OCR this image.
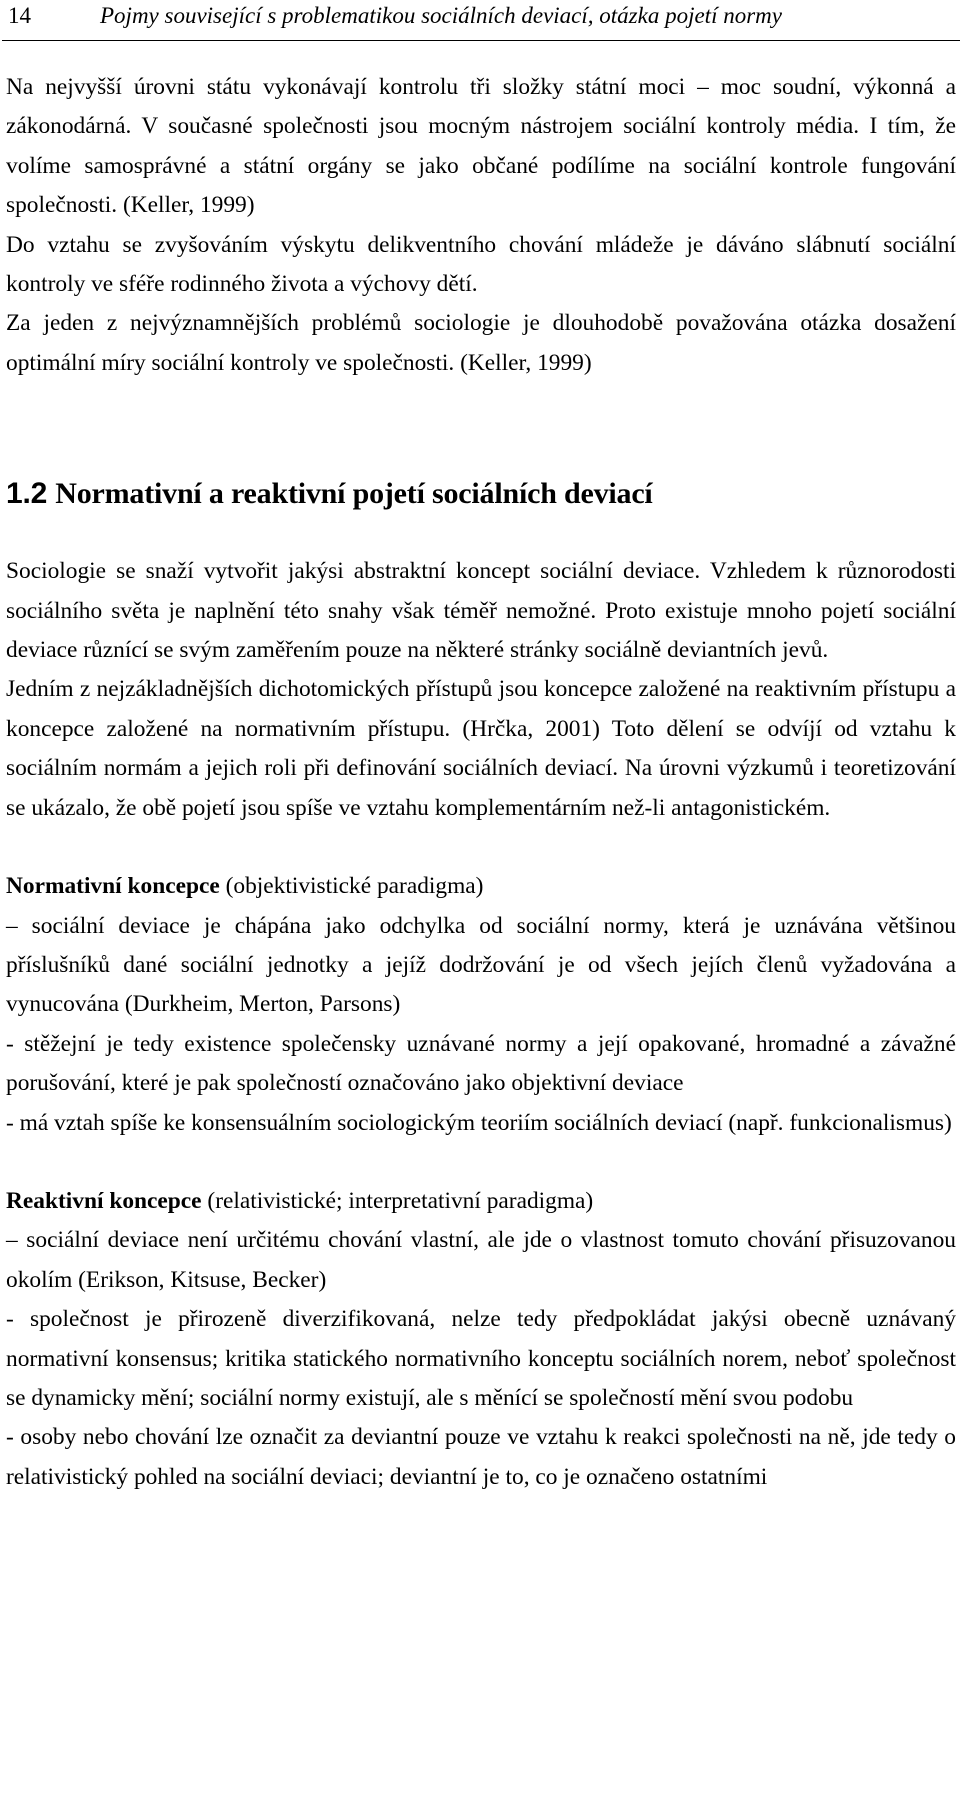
14	Pojmy související s problematikou sociálních deviací, otázka pojetí normy

Na nejvyšší úrovni státu vykonávají kontrolu tři složky státní moci – moc soudní, výkonná a zákonodárná. V současné společnosti jsou mocným nástrojem sociální kontroly média. I tím, že volíme samosprávné a státní orgány se jako občané podílíme na sociální kontrole fungování společnosti. (Keller, 1999)

Do vztahu se zvyšováním výskytu delikventního chování mládeže je dáváno slábnutí sociální kontroly ve sféře rodinného života a výchovy dětí.

Za jeden z nejvýznamnějších problémů sociologie je dlouhodobě považována otázka dosažení optimální míry sociální kontroly ve společnosti. (Keller, 1999)

1.2 Normativní a reaktivní pojetí sociálních deviací

Sociologie se snaží vytvořit jakýsi abstraktní koncept sociální deviace. Vzhledem k různorodosti sociálního světa je naplnění této snahy však téměř nemožné. Proto existuje mnoho pojetí sociální deviace různící se svým zaměřením pouze na některé stránky sociálně deviantních jevů.

Jedním z nejzákladnějších dichotomických přístupů jsou koncepce založené na reaktivním přístupu a koncepce založené na normativním přístupu. (Hrčka, 2001) Toto dělení se odvíjí od vztahu k sociálním normám a jejich roli při definování sociálních deviací. Na úrovni výzkumů i teoretizování se ukázalo, že obě pojetí jsou spíše ve vztahu komplementárním než-li antagonistickém.

Normativní koncepce (objektivistické paradigma)

– sociální deviace je chápána jako odchylka od sociální normy, která je uznávána většinou příslušníků dané sociální jednotky a jejíž dodržování je od všech jejích členů vyžadována a vynucována (Durkheim, Merton, Parsons)

- stěžejní je tedy existence společensky uznávané normy a její opakované, hromadné a závažné porušování, které je pak společností označováno jako objektivní deviace

- má vztah spíše ke konsensuálním sociologickým teoriím sociálních deviací (např. funkcionalismus)

Reaktivní koncepce (relativistické; interpretativní paradigma)

– sociální deviace není určitému chování vlastní, ale jde o vlastnost tomuto chování přisuzovanou okolím (Erikson, Kitsuse, Becker)

- společnost je přirozeně diverzifikovaná, nelze tedy předpokládat jakýsi obecně uznávaný normativní konsensus; kritika statického normativního konceptu sociálních norem, neboť společnost se dynamicky mění; sociální normy existují, ale s měnící se společností mění svou podobu

- osoby nebo chování lze označit za deviantní pouze ve vztahu k reakci společnosti na ně, jde tedy o relativistický pohled na sociální deviaci; deviantní je to, co je označeno ostatními
